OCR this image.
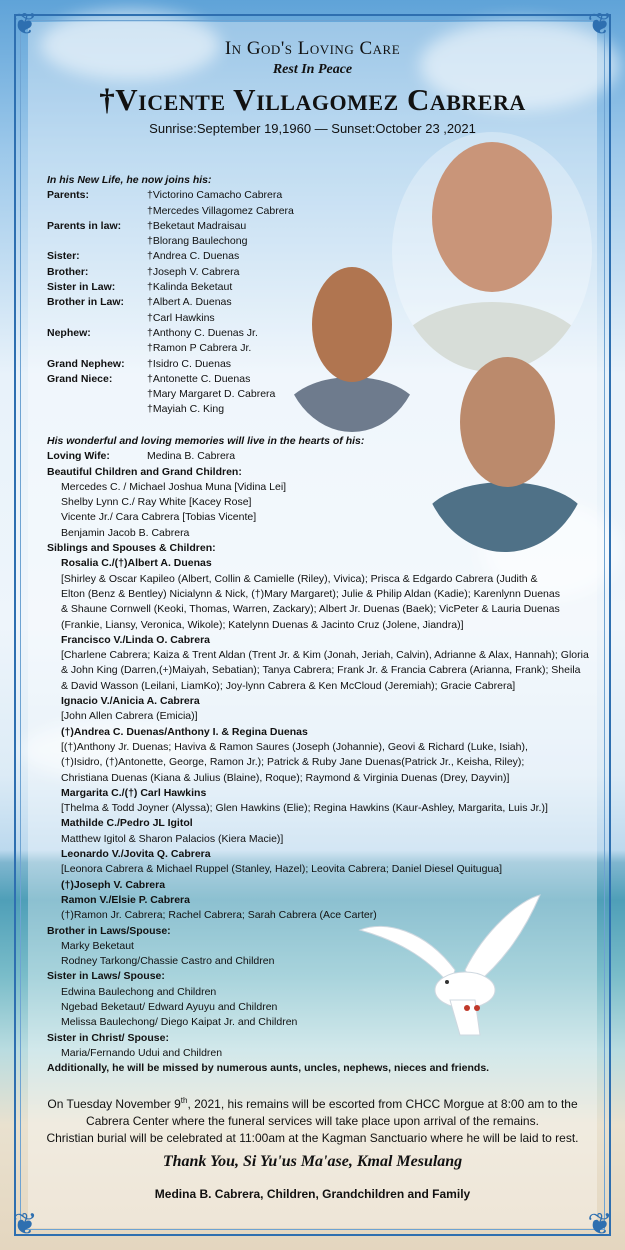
❦	❦
❦	❦
In God's Loving Care
Rest In Peace
†Vicente Villagomez Cabrera
Sunrise:September 19,1960 — Sunset:October 23 ,2021
In his New Life, he now joins his:
Parents:	†Victorino Camacho Cabrera
†Mercedes Villagomez Cabrera
Parents in law:	†Beketaut Madraisau
†Blorang Baulechong
Sister:	†Andrea C. Duenas
Brother:	†Joseph V. Cabrera
Sister in Law:	†Kalinda Beketaut
Brother in Law:	†Albert A. Duenas
†Carl Hawkins
Nephew:	†Anthony C. Duenas Jr.
†Ramon P Cabrera Jr.
Grand Nephew:	†Isidro C. Duenas
Grand Niece:	†Antonette C. Duenas
†Mary Margaret D. Cabrera
†Mayiah C. King
His wonderful and loving memories will live in the hearts of his:
Loving Wife:	Medina B. Cabrera
Beautiful Children and Grand Children:
Mercedes C. / Michael Joshua Muna [Vidina Lei]
Shelby Lynn C./ Ray White [Kacey Rose]
Vicente Jr./ Cara Cabrera [Tobias Vicente]
Benjamin Jacob B. Cabrera
Siblings and Spouses & Children:
Rosalia C./(†)Albert A. Duenas
[Shirley & Oscar Kapileo (Albert, Collin & Camielle (Riley), Vivica); Prisca & Edgardo Cabrera (Judith &
Elton (Benz & Bentley) Nicialynn & Nick, (†)Mary Margaret); Julie & Philip Aldan (Kadie); Karenlynn Duenas
& Shaune Cornwell (Keoki, Thomas, Warren, Zackary); Albert Jr. Duenas (Baek); VicPeter & Lauria Duenas
(Frankie, Liansy, Veronica, Wikole); Katelynn Duenas & Jacinto Cruz (Jolene, Jiandra)]
Francisco V./Linda O. Cabrera
[Charlene Cabrera; Kaiza & Trent Aldan (Trent Jr. & Kim (Jonah, Jeriah, Calvin), Adrianne & Alax, Hannah); Gloria
& John King (Darren,(+)Maiyah, Sebatian); Tanya Cabrera; Frank Jr. & Francia Cabrera (Arianna, Frank); Sheila
& David Wasson (Leilani, LiamKo); Joy-lynn Cabrera & Ken McCloud (Jeremiah); Gracie Cabrera]
Ignacio V./Anicia A. Cabrera
[John Allen Cabrera (Emicia)]
(†)Andrea C. Duenas/Anthony I. & Regina Duenas
[(†)Anthony Jr. Duenas; Haviva & Ramon Saures (Joseph (Johannie), Geovi & Richard (Luke, Isiah),
(†)Isidro, (†)Antonette, George, Ramon Jr.); Patrick & Ruby Jane Duenas(Patrick Jr., Keisha, Riley);
Christiana Duenas (Kiana & Julius (Blaine), Roque); Raymond & Virginia Duenas (Drey, Dayvin)]
Margarita C./(†) Carl Hawkins
[Thelma & Todd Joyner (Alyssa); Glen Hawkins (Elie); Regina Hawkins (Kaur-Ashley, Margarita, Luis Jr.)]
Mathilde C./Pedro JL Igitol
Matthew Igitol & Sharon Palacios (Kiera Macie)]
Leonardo V./Jovita Q. Cabrera
[Leonora Cabrera & Michael Ruppel (Stanley, Hazel); Leovita Cabrera; Daniel Diesel Quitugua]
(†)Joseph V. Cabrera
Ramon V./Elsie P. Cabrera
(†)Ramon Jr. Cabrera; Rachel Cabrera; Sarah Cabrera (Ace Carter)
Brother in Laws/Spouse:
Marky Beketaut
Rodney Tarkong/Chassie Castro and Children
Sister in Laws/ Spouse:
Edwina Baulechong and Children
Ngebad Beketaut/ Edward Ayuyu and Children
Melissa Baulechong/ Diego Kaipat Jr. and Children
Sister in Christ/ Spouse:
Maria/Fernando Udui and Children
Additionally, he will be missed by numerous aunts, uncles, nephews, nieces and friends.
On Tuesday November 9th, 2021, his remains will be escorted from CHCC Morgue at 8:00 am to the
Cabrera Center where the funeral services will take place upon arrival of the remains.
Christian burial will be celebrated at 11:00am at the Kagman Sanctuario where he will be laid to rest.
Thank You, Si Yu'us Ma'ase, Kmal Mesulang
Medina B. Cabrera, Children, Grandchildren and Family
